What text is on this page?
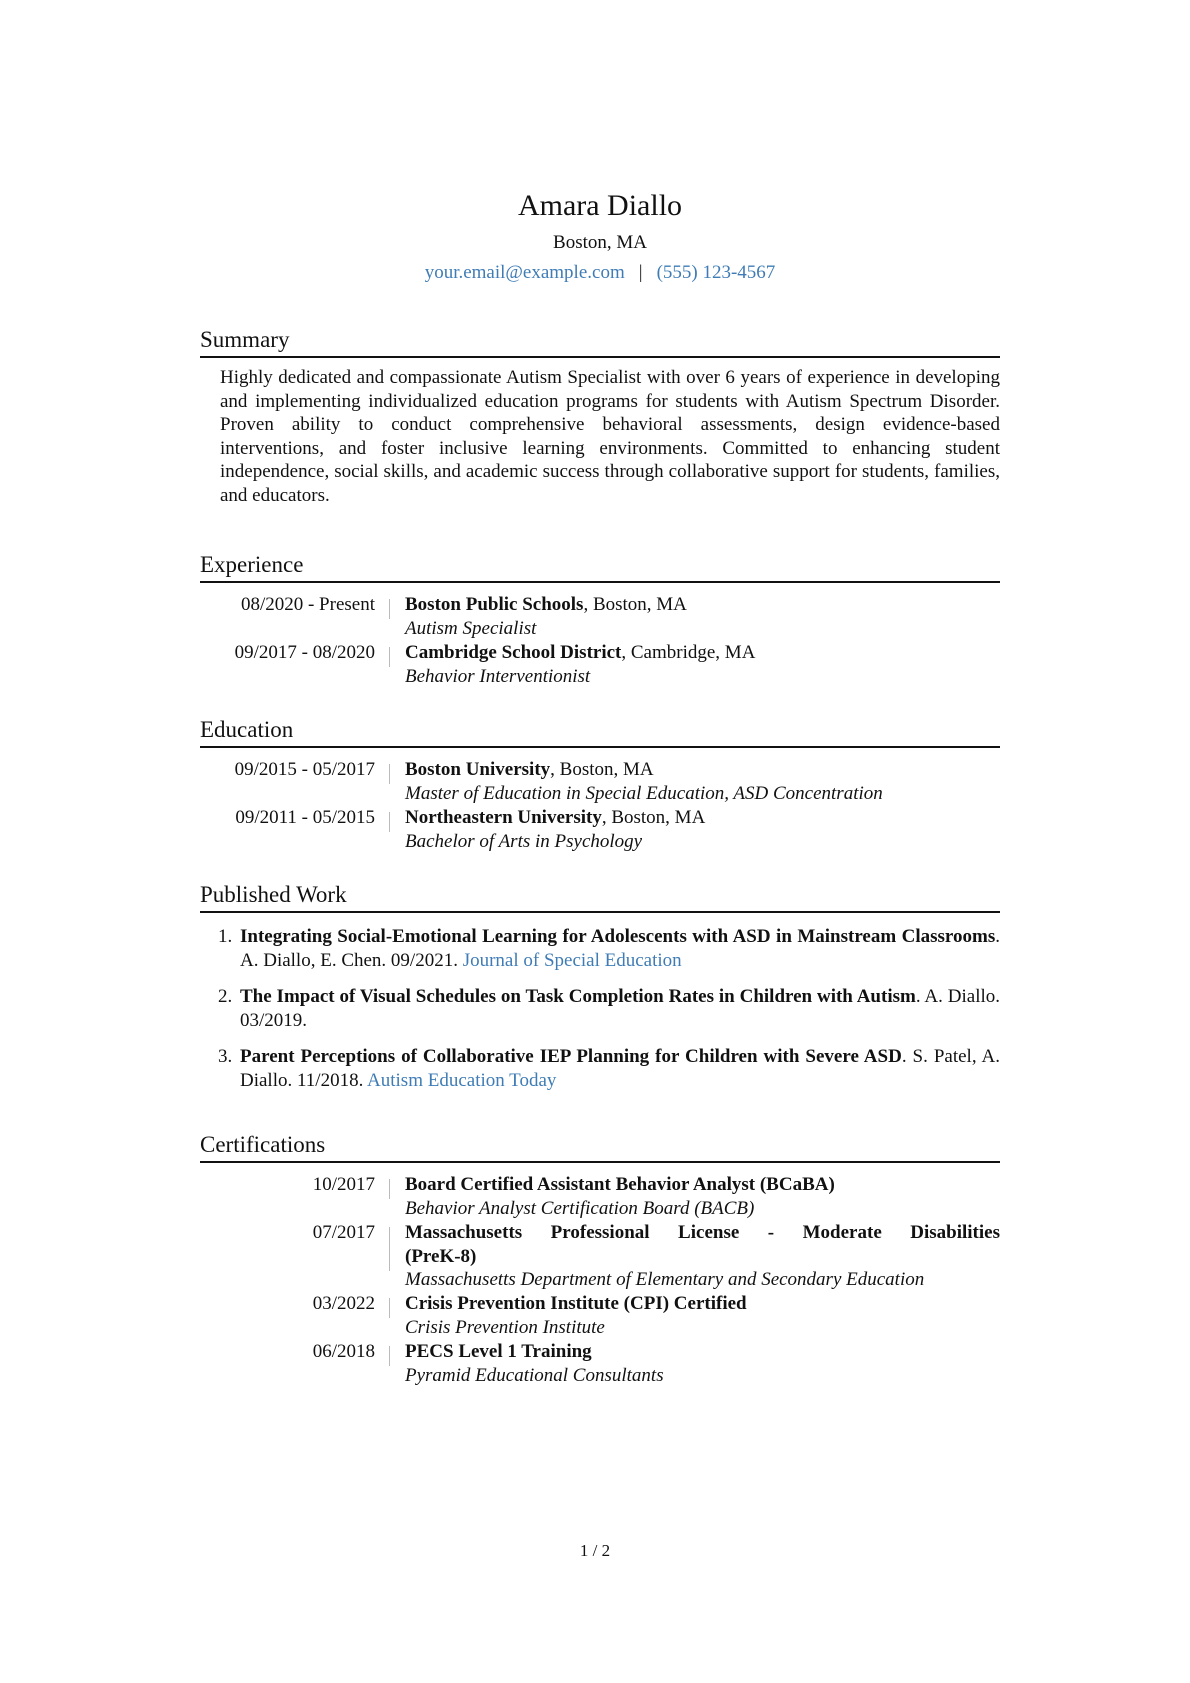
Amara Diallo
Boston, MA
your.email@example.com | (555) 123-4567
Summary

Highly dedicated and compassionate Autism Specialist with over 6 years of experience in developing and implementing individualized education programs for students with Autism Spectrum Disorder. Proven ability to conduct comprehensive behavioral assessments, design evidence-based interventions, and foster inclusive learning environments. Committed to enhancing student independence, social skills, and academic success through collaborative support for students, families, and educators.

Experience
08/2020 - Present Boston Public Schools, Boston, MA
Autism Specialist
09/2017 - 08/2020 Cambridge School District, Cambridge, MA
Behavior Interventionist
Education
09/2015 - 05/2017 Boston University, Boston, MA
Master of Education in Special Education, ASD Concentration
09/2011 - 05/2015 Northeastern University, Boston, MA
Bachelor of Arts in Psychology
Published Work
1. Integrating Social-Emotional Learning for Adolescents with ASD in Mainstream Classrooms. A. Diallo, E. Chen. 09/2021. Journal of Special Education
2. The Impact of Visual Schedules on Task Completion Rates in Children with Autism. A. Diallo. 03/2019.
3. Parent Perceptions of Collaborative IEP Planning for Children with Severe ASD. S. Patel, A. Diallo. 11/2018. Autism Education Today
Certifications
10/2017 Board Certified Assistant Behavior Analyst (BCaBA)
Behavior Analyst Certification Board (BACB)
07/2017 Massachusetts Professional License - Moderate Disabilities (PreK-8)
Massachusetts Department of Elementary and Secondary Education
03/2022 Crisis Prevention Institute (CPI) Certified
Crisis Prevention Institute
06/2018 PECS Level 1 Training
Pyramid Educational Consultants
1 / 2
